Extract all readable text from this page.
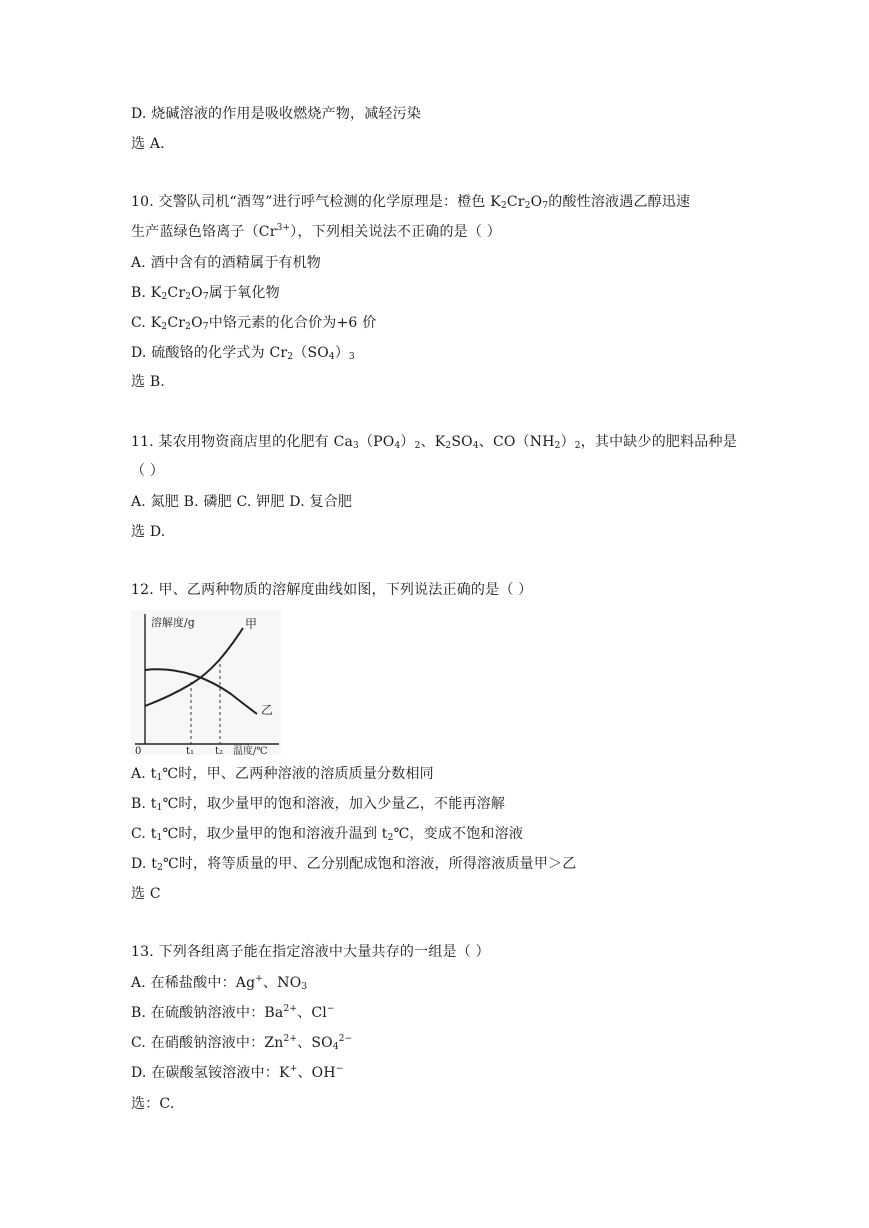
D. 烧碱溶液的作用是吸收燃烧产物，减轻污染
选 A.
10. 交警队司机“酒驾”进行呼气检测的化学原理是：橙色 $K_2Cr_2O_7$的酸性溶液遇乙醇迅速
生产蓝绿色铬离子$(Cr^{3+})$，下列相关说法不正确的是（ ）
A. 酒中含有的酒精属于有机物
B. $K_2Cr_2O_7$属于氧化物
C. $K_2Cr_2O_7$中铬元素的化合价为+6 价
D. 硫酸铬的化学式为 $Cr_2(SO_4)_3$
选 B.
11. 某农用物资商店里的化肥有 $Ca_3(PO_4)_2$、$K_2SO_4$、$CO(NH_2)_2$，其中缺少的肥料品种是
（ ）
A. 氮肥 B. 磷肥 C. 钾肥 D. 复合肥
选 D.
12. 甲、乙两种物质的溶解度曲线如图，下列说法正确的是（ ）
溶解度/g	甲
乙
0	t₁ t₂ 温度/℃
A. $t_1℃$时，甲、乙两种溶液的溶质质量分数相同
B. $t_1℃$时，取少量甲的饱和溶液，加入少量乙，不能再溶解
C. $t_1℃$时，取少量甲的饱和溶液升温到 $t_2℃$，变成不饱和溶液
D. $t_2℃$时，将等质量的甲、乙分别配成饱和溶液，所得溶液质量甲＞乙
选 C
13. 下列各组离子能在指定溶液中大量共存的一组是（ ）
A. 在稀盐酸中：Ag+、$NO_3$
B. 在硫酸钠溶液中：$Ba^{2+}$、Cl−
C. 在硝酸钠溶液中：$Zn^{2+}$、$SO_4^{2-}$
D. 在碳酸氢铵溶液中：K+、OH−
选：C.
